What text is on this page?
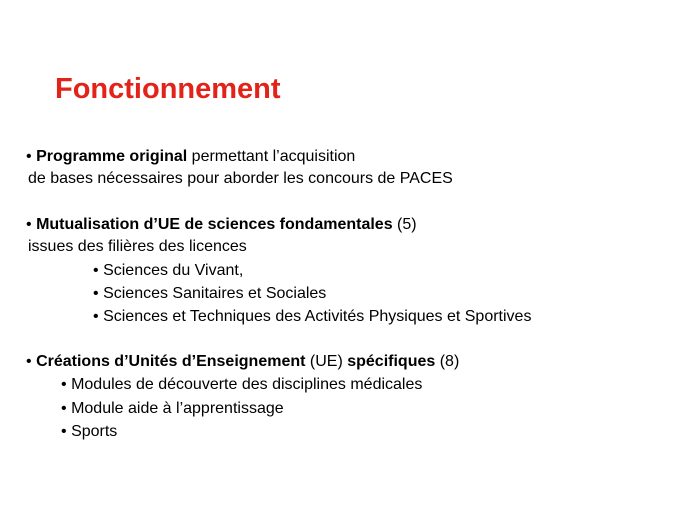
Fonctionnement
• Programme original permettant l’acquisition
de bases nécessaires pour aborder les concours de PACES
• Mutualisation d’UE de sciences fondamentales (5)
issues des filières des licences
• Sciences du Vivant,
• Sciences Sanitaires et Sociales
• Sciences et Techniques des Activités Physiques et Sportives
• Créations d’Unités d’Enseignement (UE) spécifiques (8)
• Modules de découverte des disciplines médicales
• Module aide à l’apprentissage
• Sports
